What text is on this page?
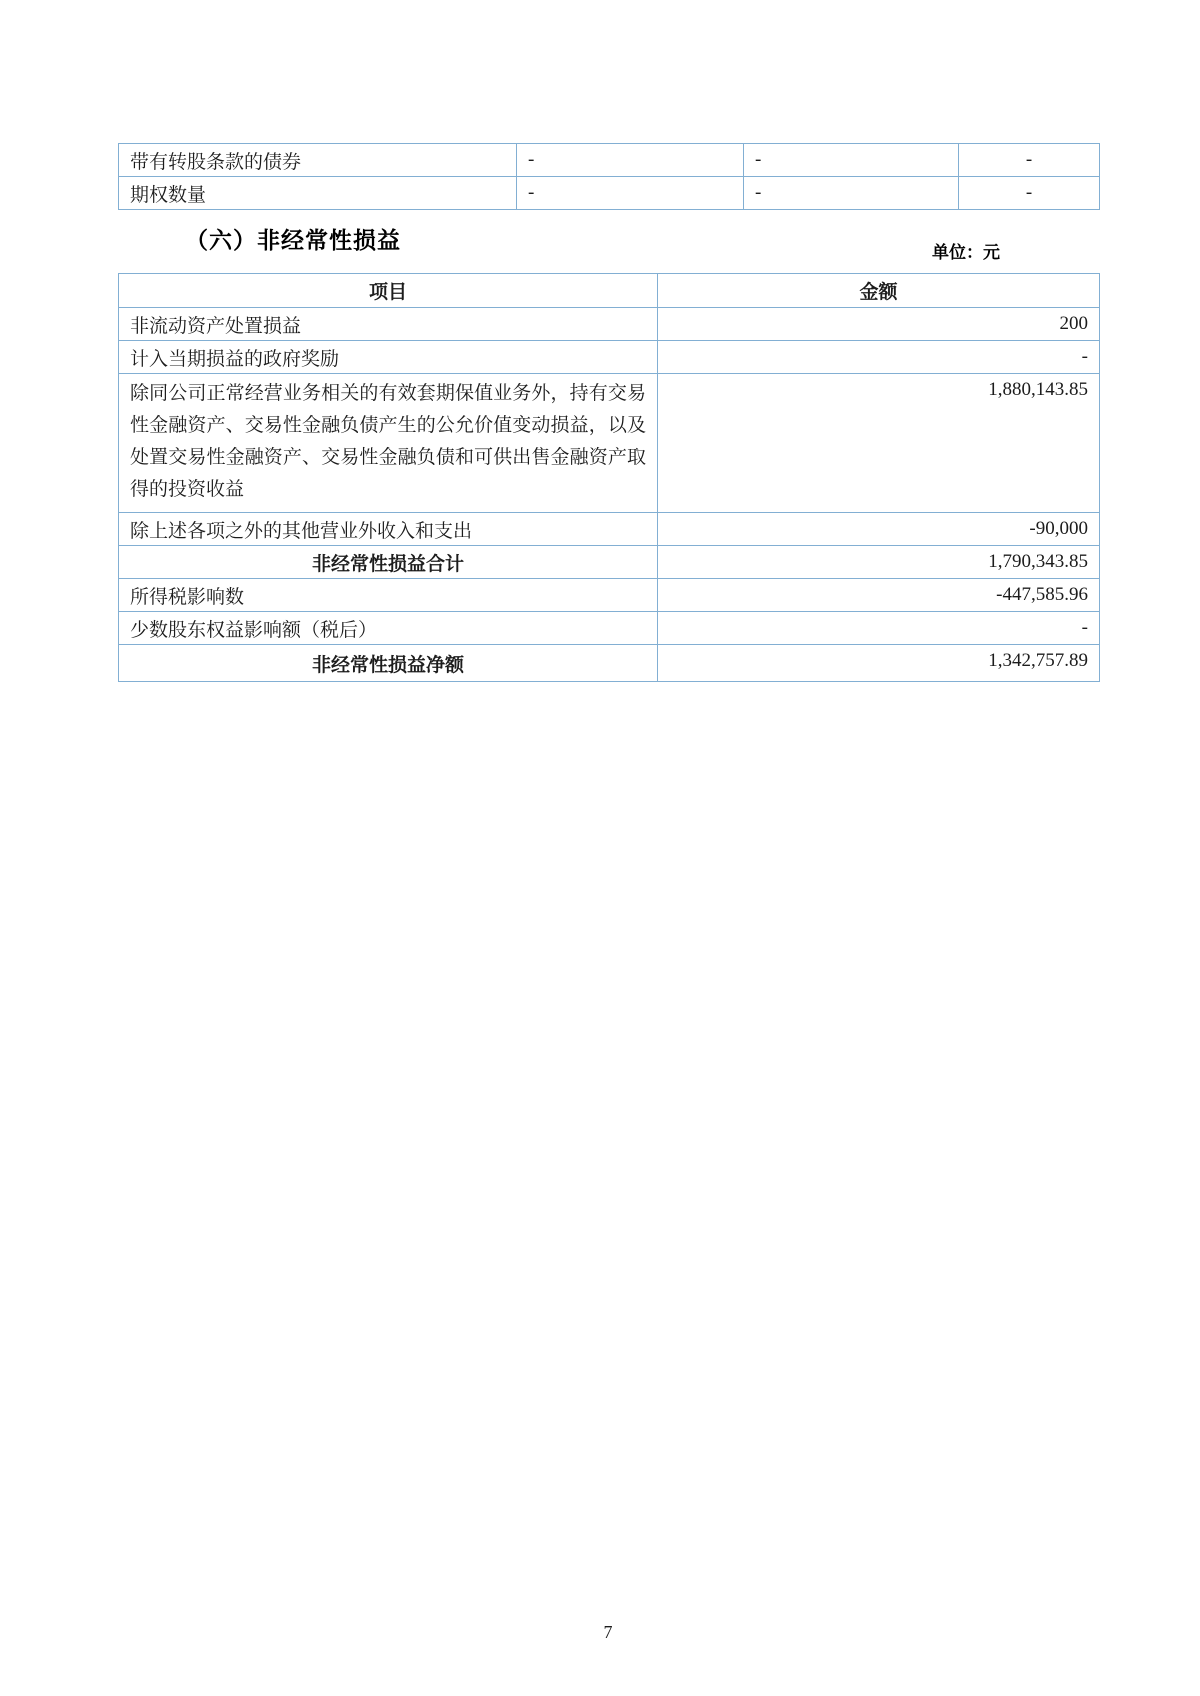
带有转股条款的债券	-	-	-
期权数量	-	-	-
（六）非经常性损益	单位：元
项目	金额
非流动资产处置损益	200
计入当期损益的政府奖励	-
除同公司正常经营业务相关的有效套期保值业务外，持有交易性金融资产、交易性金融负债产生的公允价值变动损益，以及处置交易性金融资产、交易性金融负债和可供出售金融资产取得的投资收益	1,880,143.85
除上述各项之外的其他营业外收入和支出	-90,000
非经常性损益合计	1,790,343.85
所得税影响数	-447,585.96
少数股东权益影响额（税后）	-
非经常性损益净额	1,342,757.89
7
